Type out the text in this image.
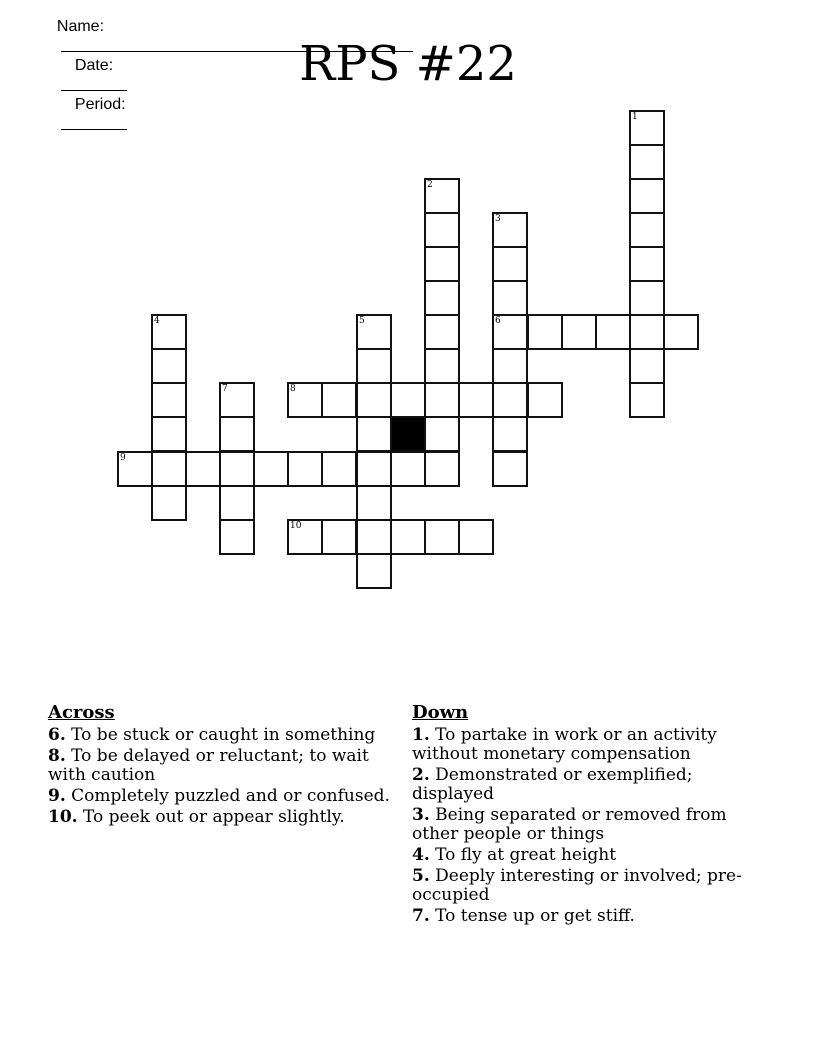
Name:

Date:

Period:

RPS #22
1
2
3
6
4	5
7	8
9
10
Across
6. To be stuck or caught in something
8. To be delayed or reluctant; to wait with caution
9. Completely puzzled and or confused.
10. To peek out or appear slightly.
Down
1. To partake in work or an activity without monetary compensation
2. Demonstrated or exemplified; displayed
3. Being separated or removed from other people or things
4. To fly at great height
5. Deeply interesting or involved; pre-occupied
7. To tense up or get stiff.
